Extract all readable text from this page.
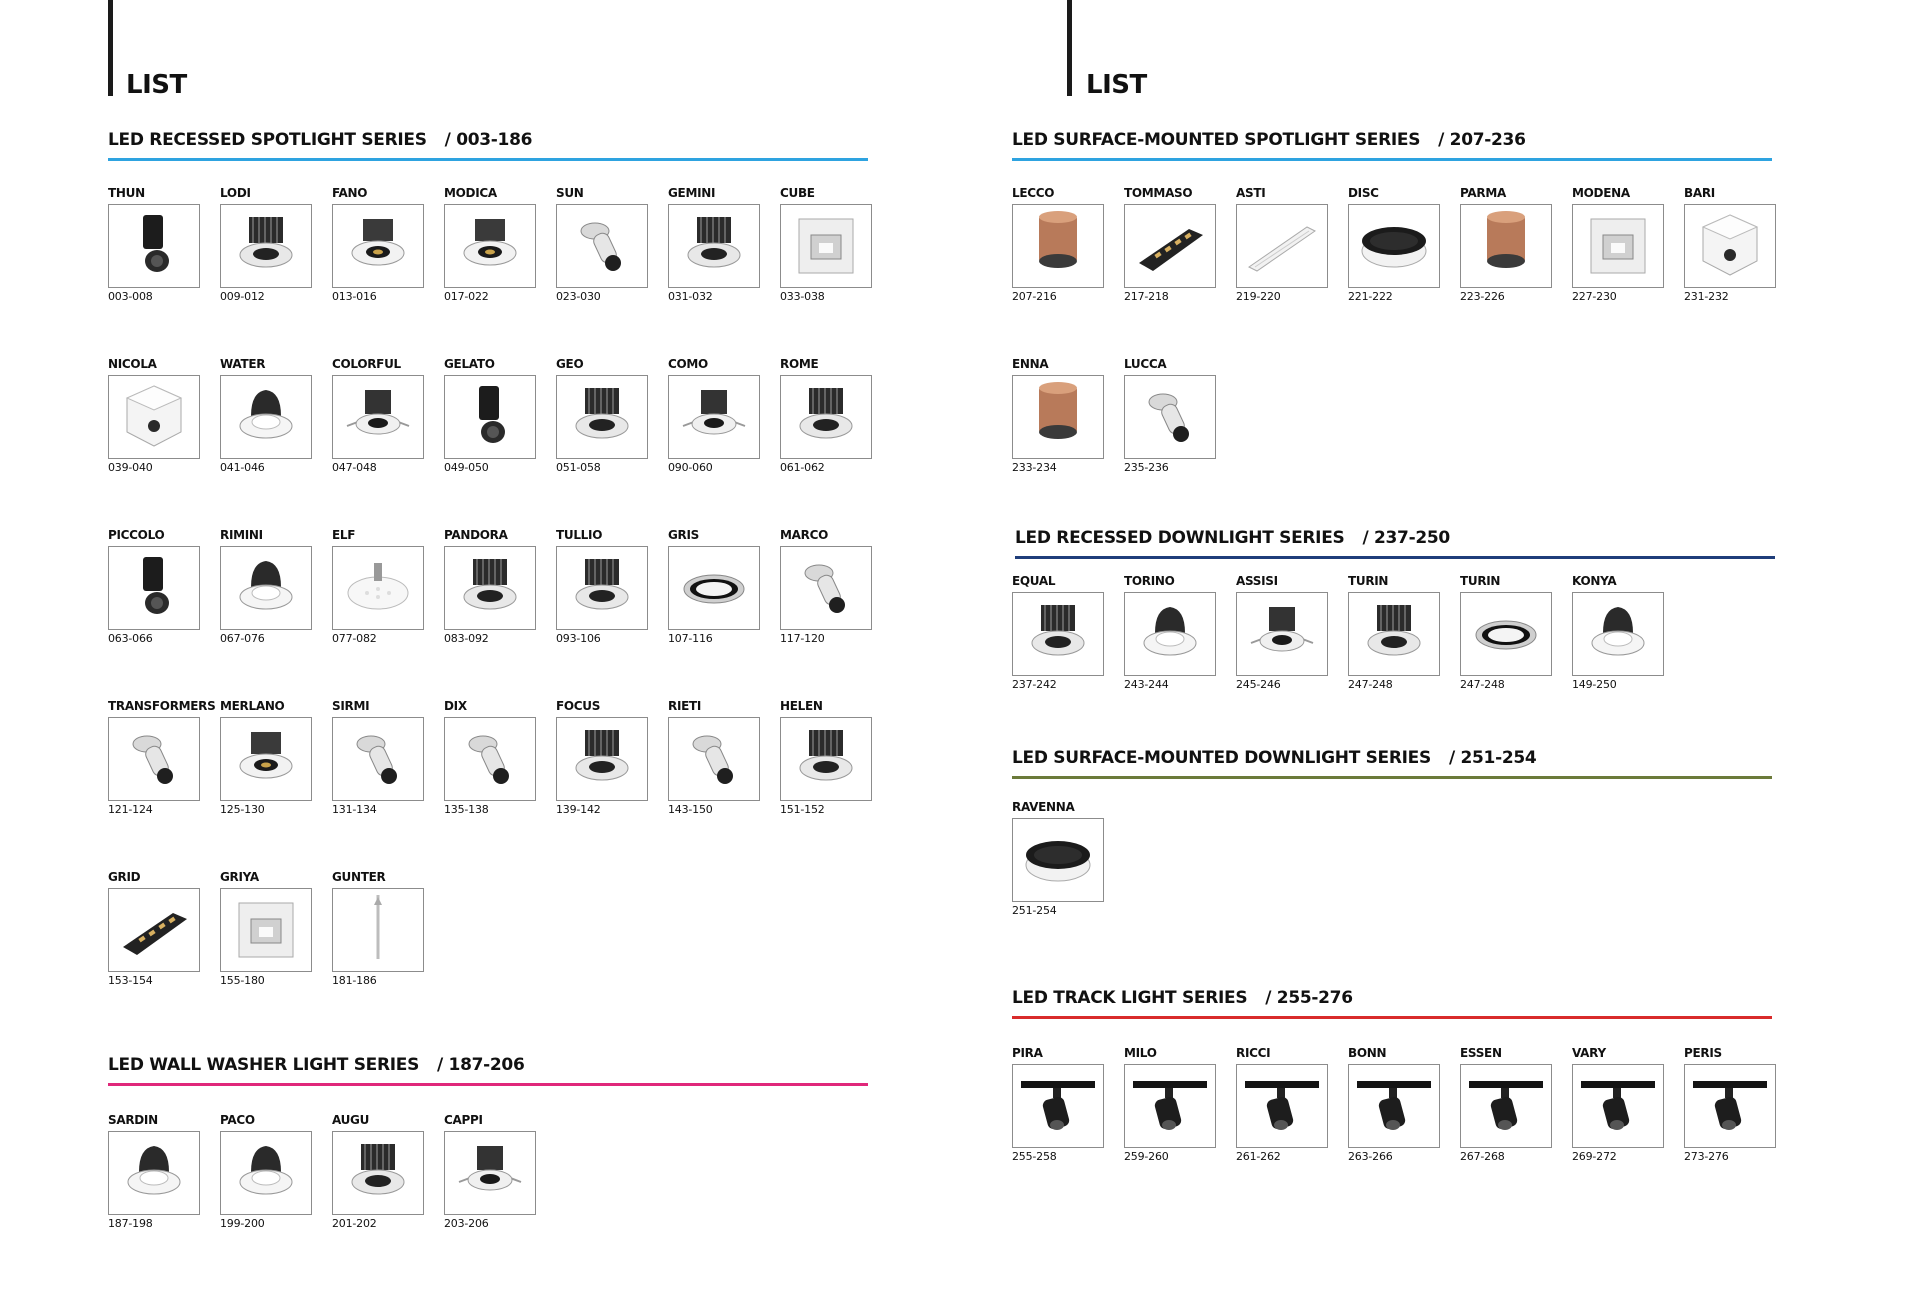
LIST
LED RECESSED SPOTLIGHT SERIES / 003-186
THUN
003-008
LODI
009-012
FANO
013-016
MODICA
017-022
SUN
023-030
GEMINI
031-032
CUBE
033-038
NICOLA
039-040
WATER
041-046
COLORFUL
047-048
GELATO
049-050
GEO
051-058
COMO
090-060
ROME
061-062
PICCOLO
063-066
RIMINI
067-076
ELF
077-082
PANDORA
083-092
TULLIO
093-106
GRIS
107-116
MARCO
117-120
TRANSFORMERS
121-124
MERLANO
125-130
SIRMI
131-134
DIX
135-138
FOCUS
139-142
RIETI
143-150
HELEN
151-152
GRID
153-154
GRIYA
155-180
GUNTER
181-186
LED WALL WASHER LIGHT SERIES / 187-206
SARDIN
187-198
PACO
199-200
AUGU
201-202
CAPPI
203-206
LIST
LED SURFACE-MOUNTED SPOTLIGHT SERIES / 207-236
LECCO
207-216
TOMMASO
217-218
ASTI
219-220
DISC
221-222
PARMA
223-226
MODENA
227-230
BARI
231-232
ENNA
233-234
LUCCA
235-236
LED RECESSED DOWNLIGHT SERIES / 237-250
EQUAL
237-242
TORINO
243-244
ASSISI
245-246
TURIN
247-248
TURIN
247-248
KONYA
149-250
LED SURFACE-MOUNTED DOWNLIGHT SERIES / 251-254
RAVENNA
251-254
LED TRACK LIGHT SERIES / 255-276
PIRA
255-258
MILO
259-260
RICCI
261-262
BONN
263-266
ESSEN
267-268
VARY
269-272
PERIS
273-276
